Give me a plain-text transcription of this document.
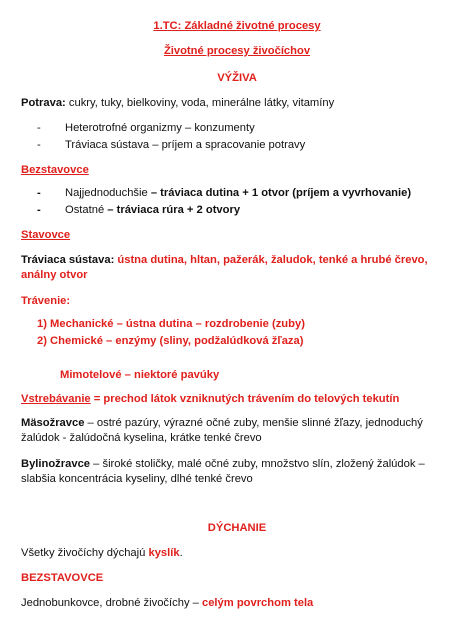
1.TC: Základné životné procesy
Životné procesy živočíchov
VÝŽIVA
Potrava: cukry, tuky, bielkoviny, voda, minerálne látky, vitamíny
- Heterotrofné organizmy – konzumenty
- Tráviaca sústava – príjem a spracovanie potravy
Bezstavovce
- Najjednoduchšie – tráviaca dutina + 1 otvor (príjem a vyvrhovanie)
- Ostatné – tráviaca rúra + 2 otvory
Stavovce
Tráviaca sústava: ústna dutina, hltan, pažerák, žaludok, tenké a hrubé črevo,
análny otvor
Trávenie:
1) Mechanické – ústna dutina – rozdrobenie (zuby)
2) Chemické – enzýmy (sliny, podžalúdková žľaza)
Mimotelové – niektoré pavúky
Vstrebávanie = prechod látok vzniknutých trávením do telových tekutín
Mäsožravce – ostré pazúry, výrazné očné zuby, menšie slinné žľazy, jednoduchý
žalúdok - žalúdočná kyselina, krátke tenké črevo
Bylinožravce – široké stoličky, malé očné zuby, množstvo slín, zložený žalúdok –
slabšia koncentrácia kyseliny, dlhé tenké črevo
DÝCHANIE
Všetky živočíchy dýchajú kyslík.
BEZSTAVOVCE
Jednobunkovce, drobné živočíchy – celým povrchom tela
